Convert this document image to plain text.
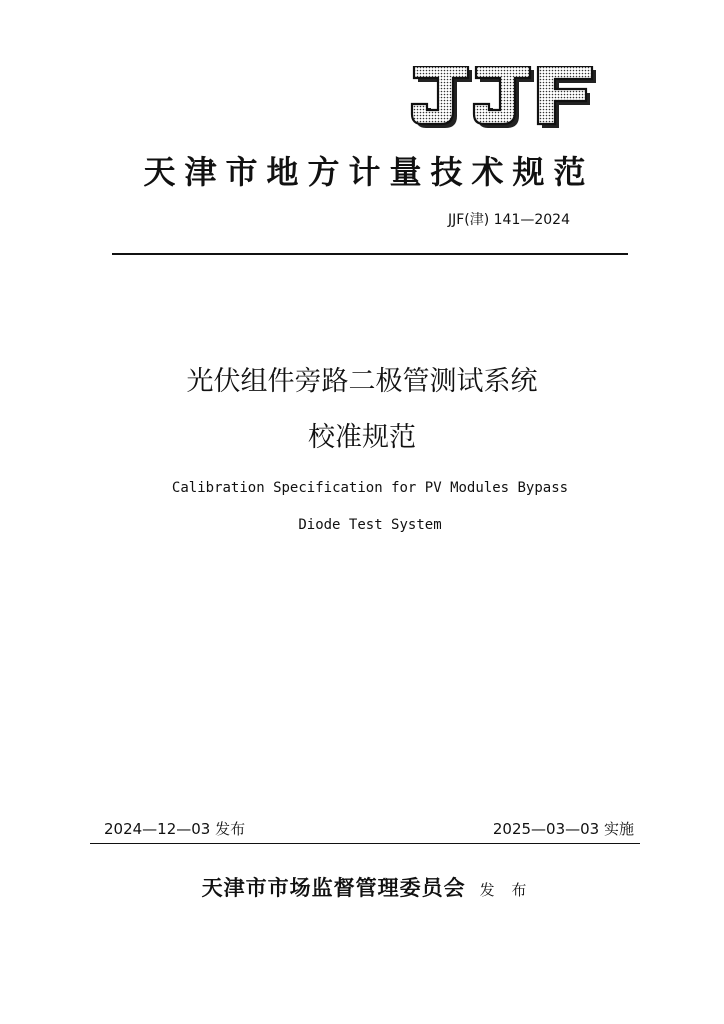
天津市地方计量技术规范
JJF(津) 141—2024
光伏组件旁路二极管测试系统
校准规范
Calibration Specification for PV Modules Bypass
Diode Test System
2024—12—03 发布	2025—03—03 实施
天津市市场监督管理委员会 发 布
